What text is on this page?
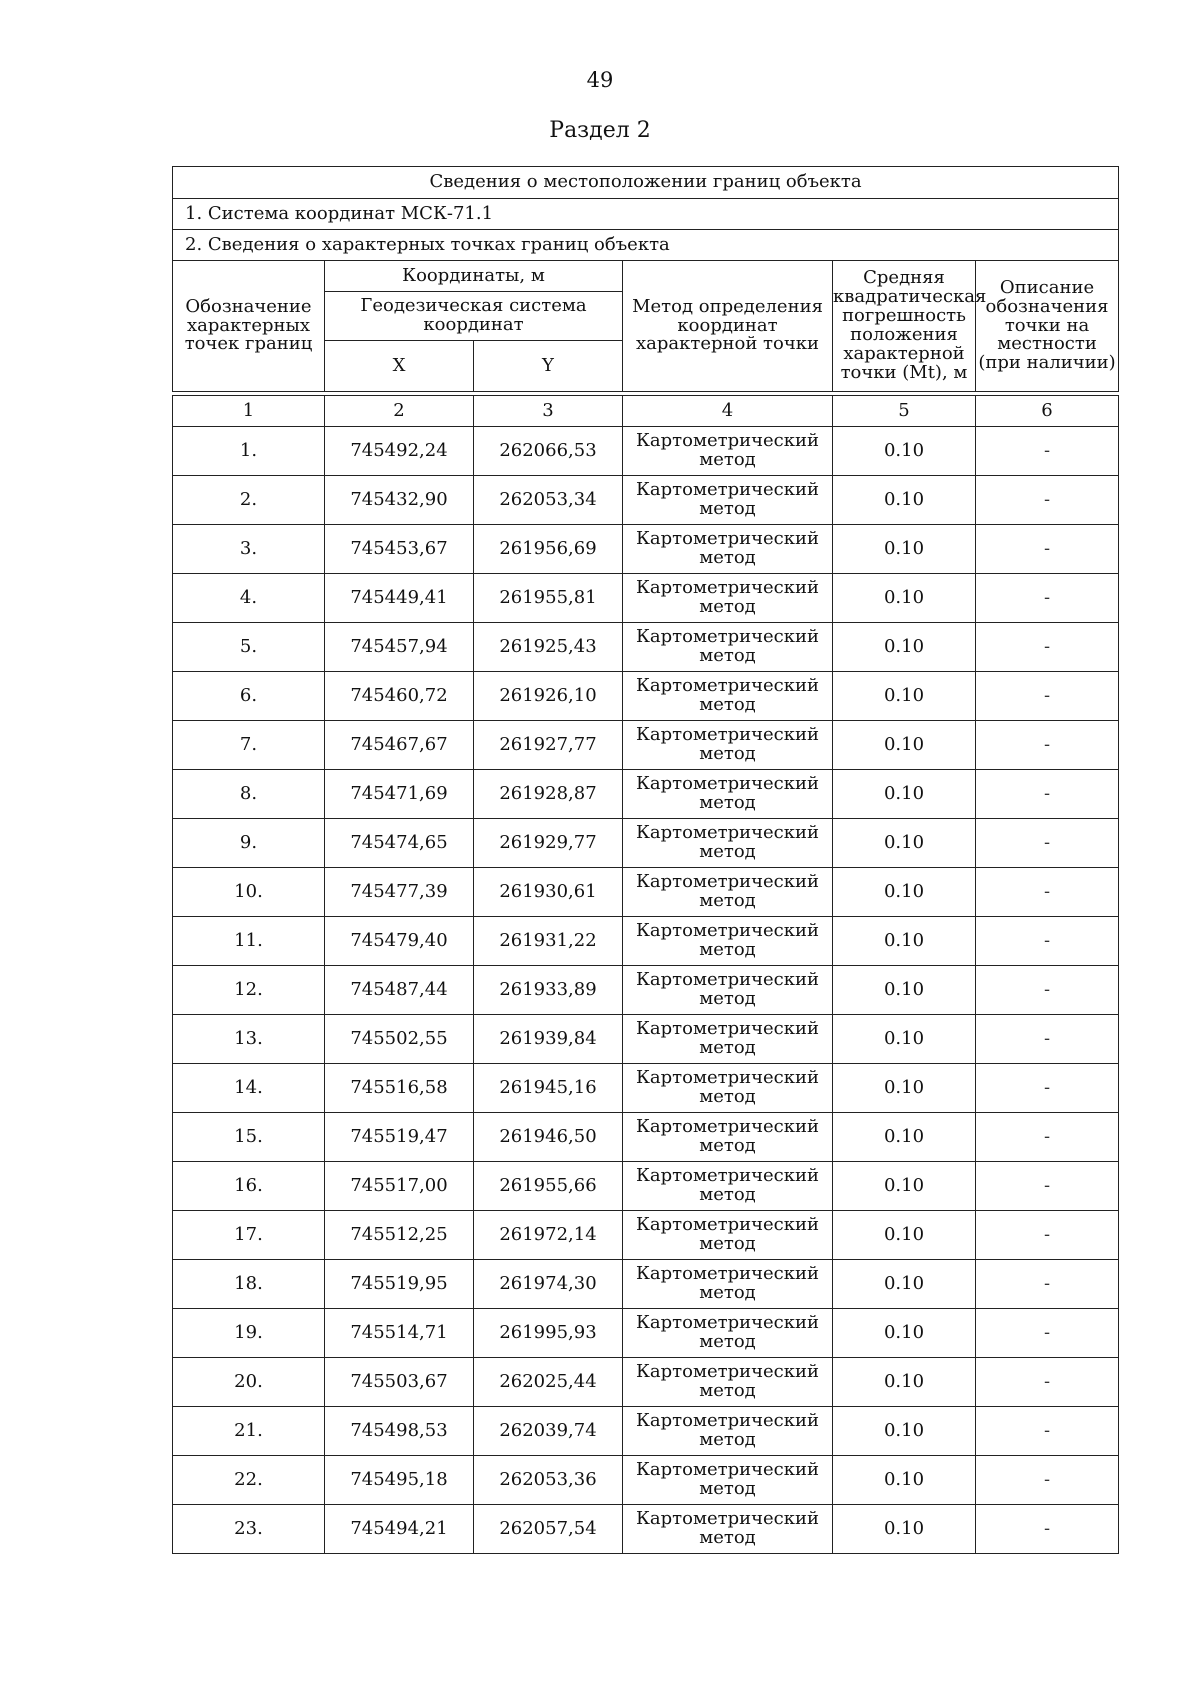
49
Раздел 2
Сведения о местоположении границ объекта					
1. Система координат МСК-71.1					
2. Сведения о характерных точках границ объекта					
Обозначение характерных точек границ	Координаты, м		Метод определения координат характерной точки	Средняя квадратическая погрешность положения характерной точки (Mt), м	Описание обозначения точки на местности (при наличии)
	Геодезическая система координат				
	X	Y			
1	2	3	4	5	6
1.	745492,24	262066,53	Картометрический метод	0.10	-
2.	745432,90	262053,34	Картометрический метод	0.10	-
3.	745453,67	261956,69	Картометрический метод	0.10	-
4.	745449,41	261955,81	Картометрический метод	0.10	-
5.	745457,94	261925,43	Картометрический метод	0.10	-
6.	745460,72	261926,10	Картометрический метод	0.10	-
7.	745467,67	261927,77	Картометрический метод	0.10	-
8.	745471,69	261928,87	Картометрический метод	0.10	-
9.	745474,65	261929,77	Картометрический метод	0.10	-
10.	745477,39	261930,61	Картометрический метод	0.10	-
11.	745479,40	261931,22	Картометрический метод	0.10	-
12.	745487,44	261933,89	Картометрический метод	0.10	-
13.	745502,55	261939,84	Картометрический метод	0.10	-
14.	745516,58	261945,16	Картометрический метод	0.10	-
15.	745519,47	261946,50	Картометрический метод	0.10	-
16.	745517,00	261955,66	Картометрический метод	0.10	-
17.	745512,25	261972,14	Картометрический метод	0.10	-
18.	745519,95	261974,30	Картометрический метод	0.10	-
19.	745514,71	261995,93	Картометрический метод	0.10	-
20.	745503,67	262025,44	Картометрический метод	0.10	-
21.	745498,53	262039,74	Картометрический метод	0.10	-
22.	745495,18	262053,36	Картометрический метод	0.10	-
23.	745494,21	262057,54	Картометрический метод	0.10	-
